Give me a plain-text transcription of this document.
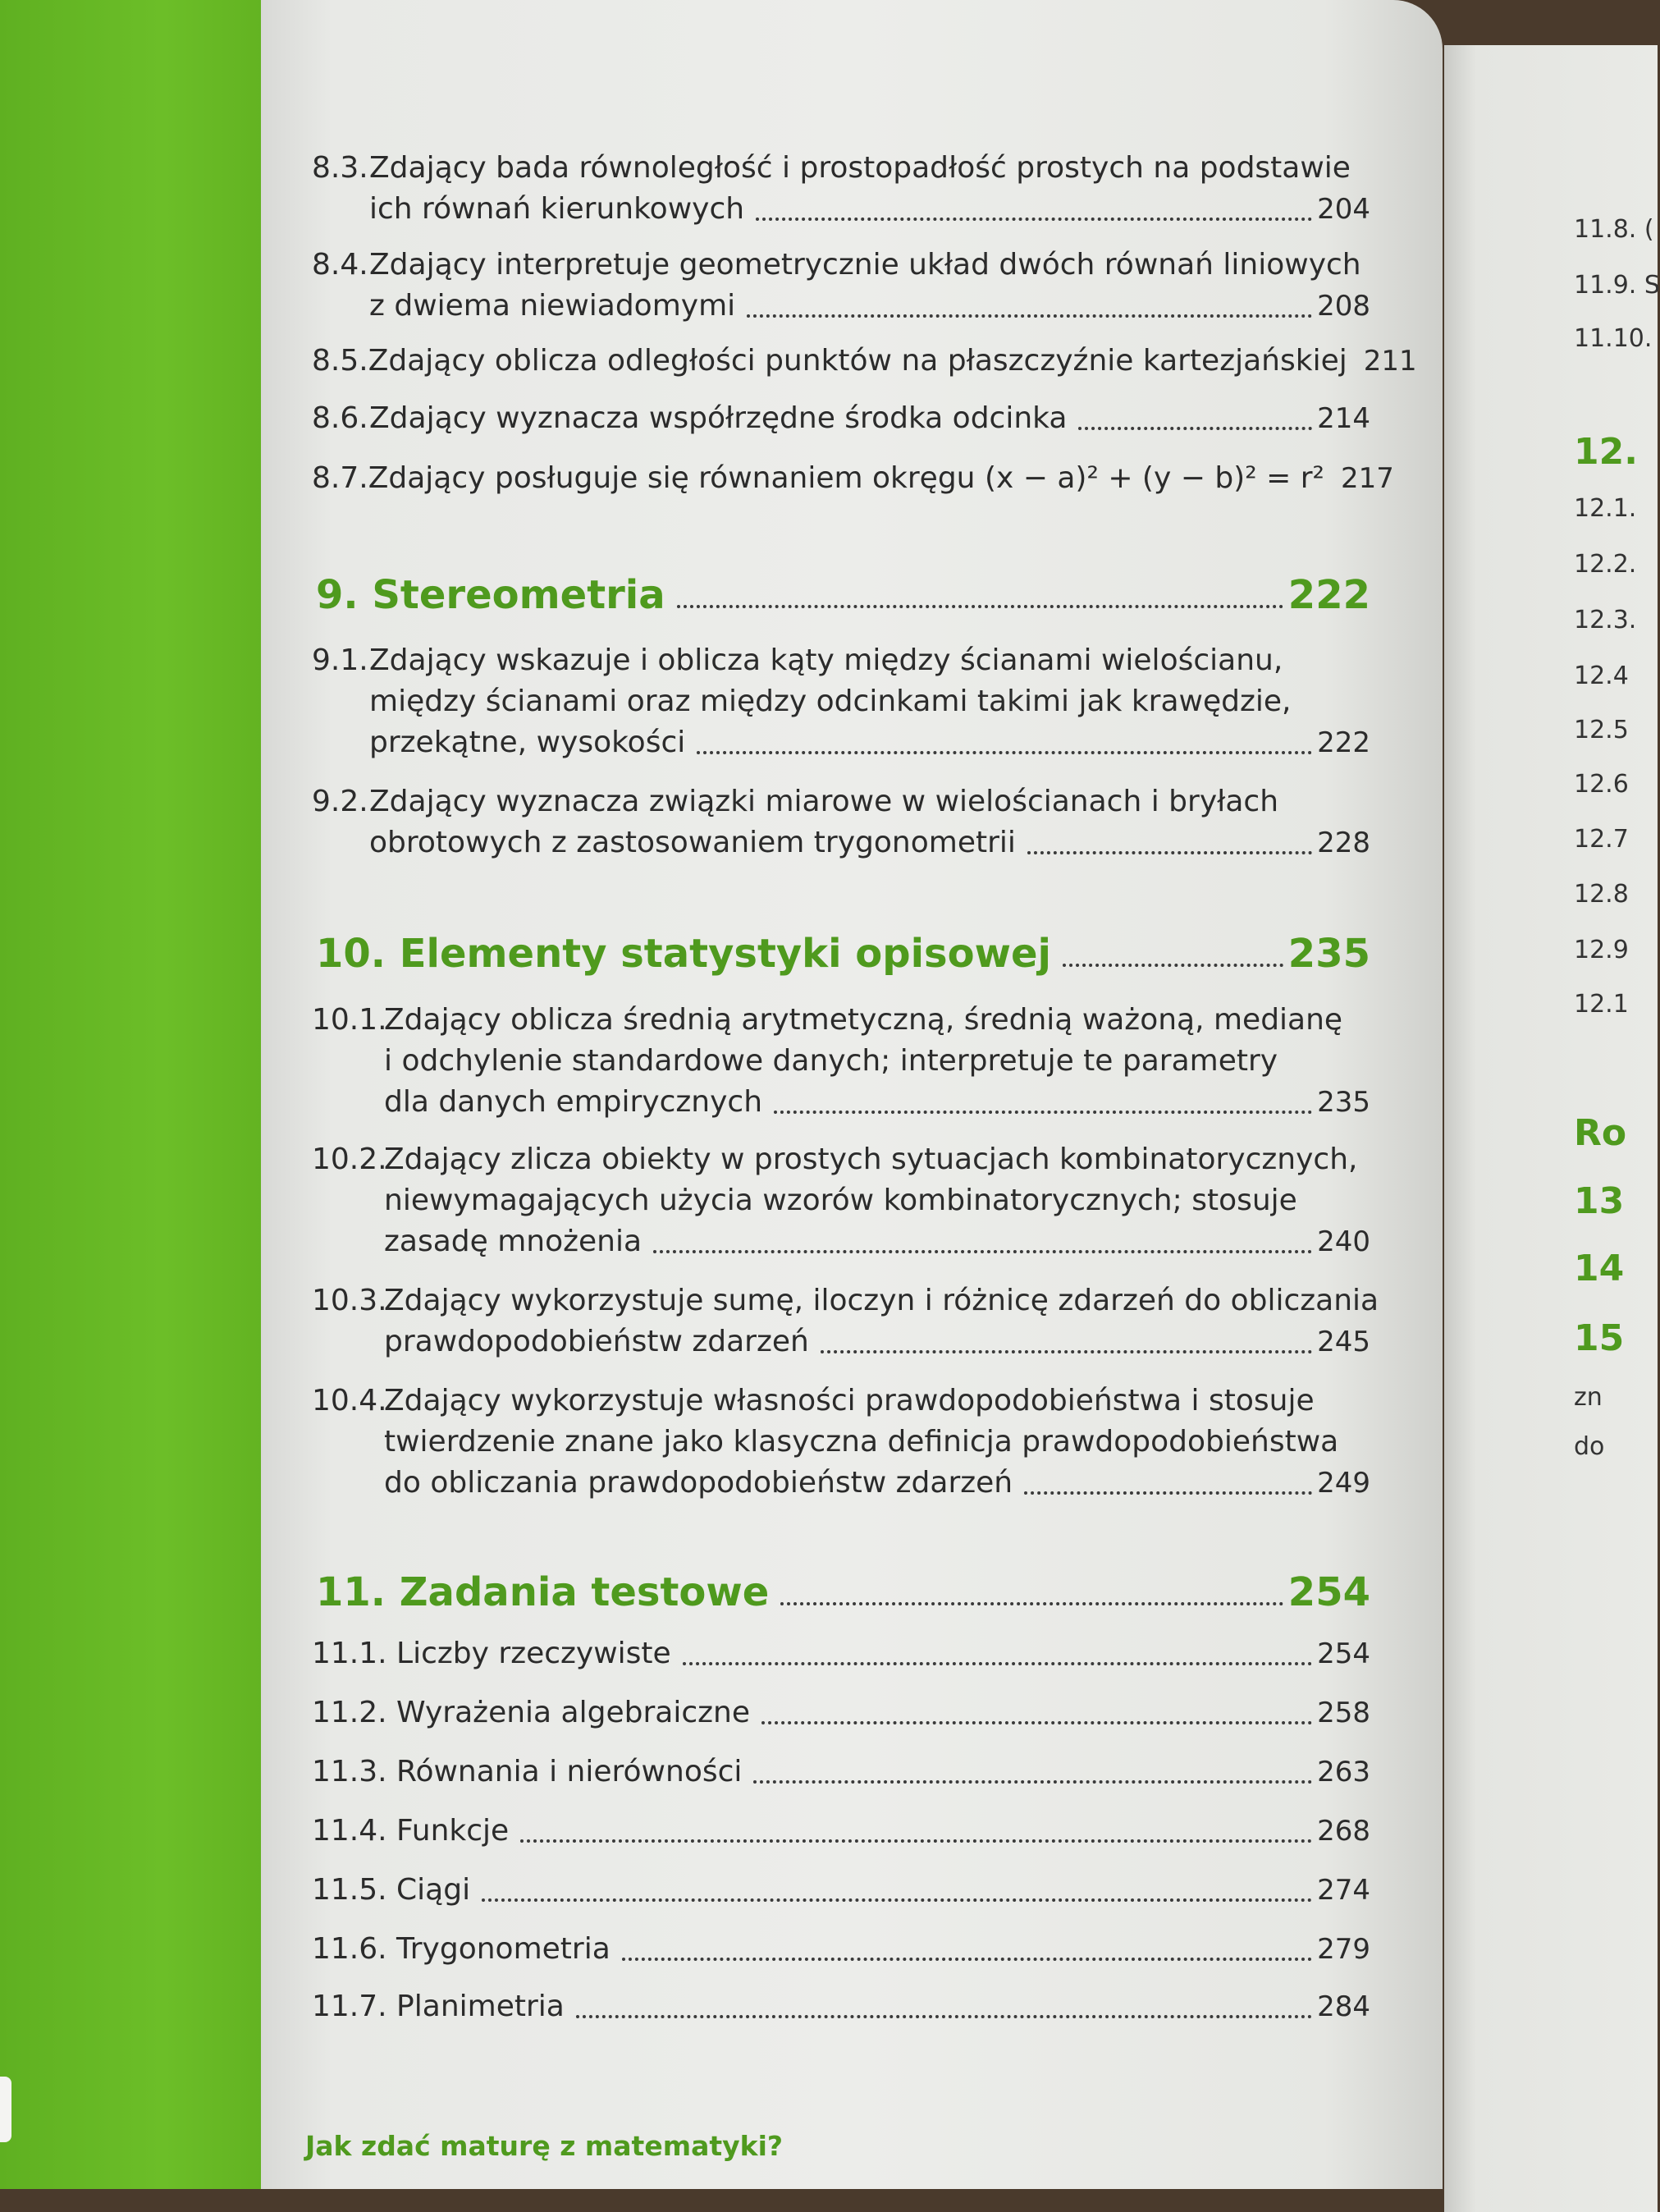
8.3.Zdający bada równoległość i prostopadłość prostych na podstawie
ich równań kierunkowych	204
8.4.Zdający interpretuje geometrycznie układ dwóch równań liniowych
z dwiema niewiadomymi	208
8.5. Zdający oblicza odległości punktów na płaszczyźnie kartezjańskiej 211
8.6. Zdający wyznacza współrzędne środka odcinka	214
8.7. Zdający posługuje się równaniem okręgu (x − a)² + (y − b)² = r² 217
9. Stereometria	222
9.1.Zdający wskazuje i oblicza kąty między ścianami wielościanu,
między ścianami oraz między odcinkami takimi jak krawędzie,
przekątne, wysokości	222
9.2.Zdający wyznacza związki miarowe w wielościanach i bryłach
obrotowych z zastosowaniem trygonometrii	228
10. Elementy statystyki opisowej	235
10.1.Zdający oblicza średnią arytmetyczną, średnią ważoną, medianę
i odchylenie standardowe danych; interpretuje te parametry
dla danych empirycznych	235
10.2.Zdający zlicza obiekty w prostych sytuacjach kombinatorycznych,
niewymagających użycia wzorów kombinatorycznych; stosuje
zasadę mnożenia	240
10.3.Zdający wykorzystuje sumę, iloczyn i różnicę zdarzeń do obliczania
prawdopodobieństw zdarzeń	245
10.4.Zdający wykorzystuje własności prawdopodobieństwa i stosuje
twierdzenie znane jako klasyczna definicja prawdopodobieństwa
do obliczania prawdopodobieństw zdarzeń	249
11. Zadania testowe	254
11.1. Liczby rzeczywiste	254
11.2. Wyrażenia algebraiczne	258
11.3. Równania i nierówności	263
11.4. Funkcje	268
11.5. Ciągi	274
11.6. Trygonometria	279
11.7. Planimetria	284
Jak zdać maturę z matematyki?
11.8. (
11.9. S
11.10.
12.
12.1.
12.2.
12.3.
12.4
12.5
12.6
12.7
12.8
12.9
12.1
Ro
13
14
15
zn
do
